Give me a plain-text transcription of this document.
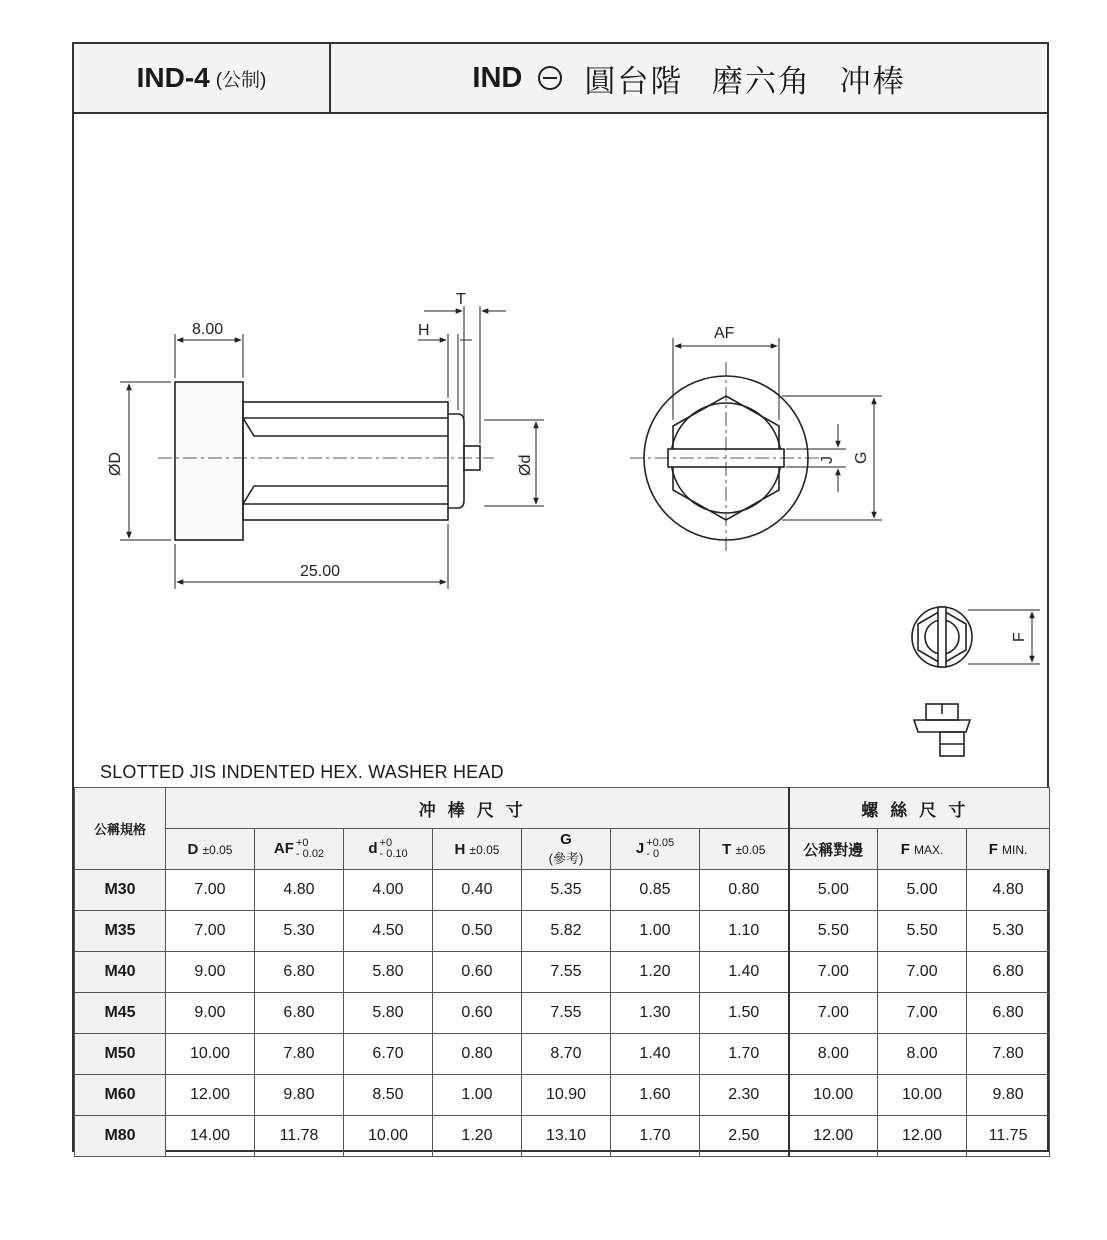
IND-4 (公制)	IND 圓台階 磨六角 冲棒
8.00
25.00
H
T
AF
ØD	Ød	J G
F
SLOTTED JIS INDENTED HEX. WASHER HEAD
公稱規格	冲棒尺寸							螺絲尺寸		
	D ±0.05	AF +0
- 0.02	d +0
- 0.10	H ±0.05	G
(參考)	J +0.05
- 0	T ±0.05	公稱對邊	F MAX.	F MIN.
M30	7.00	4.80	4.00	0.40	5.35	0.85	0.80	5.00	5.00	4.80
M35	7.00	5.30	4.50	0.50	5.82	1.00	1.10	5.50	5.50	5.30
M40	9.00	6.80	5.80	0.60	7.55	1.20	1.40	7.00	7.00	6.80
M45	9.00	6.80	5.80	0.60	7.55	1.30	1.50	7.00	7.00	6.80
M50	10.00	7.80	6.70	0.80	8.70	1.40	1.70	8.00	8.00	7.80
M60	12.00	9.80	8.50	1.00	10.90	1.60	2.30	10.00	10.00	9.80
M80	14.00	11.78	10.00	1.20	13.10	1.70	2.50	12.00	12.00	11.75
